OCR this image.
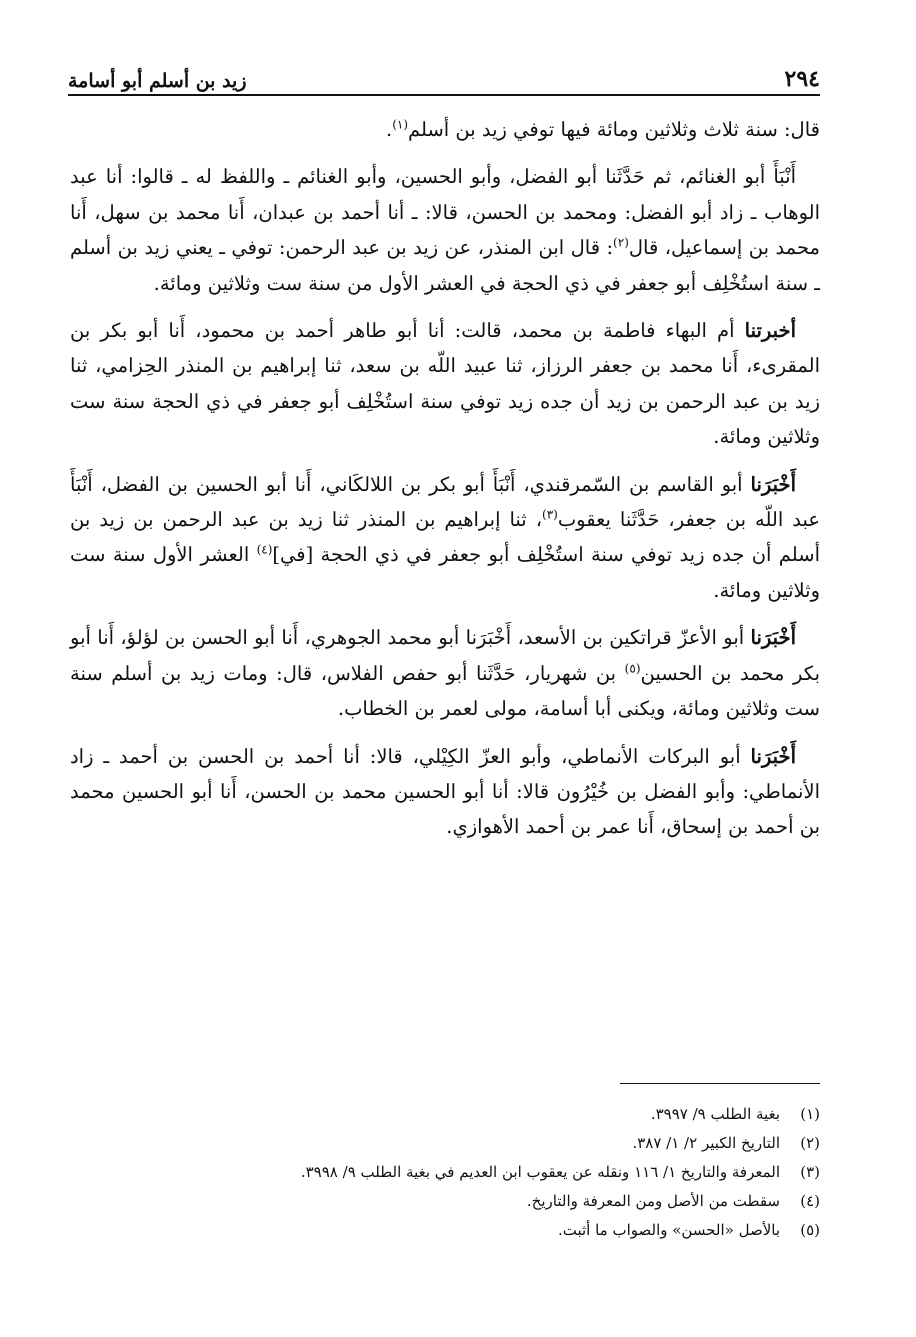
٢٩٤
زيد بن أسلم أبو أسامة

قال: سنة ثلاث وثلاثين ومائة فيها توفي زيد بن أسلم$^{(١)}$.

أَنْبَأَ أبو الغنائم، ثم حَدَّثَنا أبو الفضل، وأبو الحسين، وأبو الغنائم ـ واللفظ له ـ قالوا: أنا عبد الوهاب ـ زاد أبو الفضل: ومحمد بن الحسن، قالا: ـ أنا أحمد بن عبدان، أَنا محمد بن سهل، أَنا محمد بن إسماعيل، قال$^{(٢)}$: قال ابن المنذر، عن زيد بن عبد الرحمن: توفي ـ يعني زيد بن أسلم ـ سنة استُخْلِف أبو جعفر في ذي الحجة في العشر الأول من سنة ست وثلاثين ومائة.

أخبرتنا أم البهاء فاطمة بن محمد، قالت: أنا أبو طاهر أحمد بن محمود، أَنا أبو بكر بن المقرىء، أَنا محمد بن جعفر الرزاز، ثنا عبيد اللّه بن سعد، ثنا إبراهيم بن المنذر الحِزامي، ثنا زيد بن عبد الرحمن بن زيد أن جده زيد توفي سنة استُخْلِف أبو جعفر في ذي الحجة سنة ست وثلاثين ومائة.

أَخْبَرَنا أبو القاسم بن السّمرقندي، أَنْبَأَ أبو بكر بن اللالكَاني، أَنا أبو الحسين بن الفضل، أَنْبَأَ عبد اللّه بن جعفر، حَدَّثَنا يعقوب$^{(٣)}$، ثنا إبراهيم بن المنذر ثنا زيد بن عبد الرحمن بن زيد بن أسلم أن جده زيد توفي سنة استُخْلِف أبو جعفر في ذي الحجة [في]$^{(٤)}$ العشر الأول سنة ست وثلاثين ومائة.

أَخْبَرَنا أبو الأعزّ قراتكين بن الأسعد، أَخْبَرَنا أبو محمد الجوهري، أَنا أبو الحسن بن لؤلؤ، أَنا أبو بكر محمد بن الحسين$^{(٥)}$ بن شهريار، حَدَّثَنا أبو حفص الفلاس، قال: ومات زيد بن أسلم سنة ست وثلاثين ومائة، ويكنى أبا أسامة، مولى لعمر بن الخطاب.

أَخْبَرَنا أبو البركات الأنماطي، وأبو العزّ الكِيْلي، قالا: أنا أحمد بن الحسن بن أحمد ـ زاد الأنماطي: وأبو الفضل بن خُيْرُون قالا: أنا أبو الحسين محمد بن الحسن، أَنا أبو الحسين محمد بن أحمد بن إسحاق، أَنا عمر بن أحمد الأهوازي.

(١)
بغية الطلب ٩/ ٣٩٩٧.
(٢)
التاريخ الكبير ٢/ ١/ ٣٨٧.
(٣)
المعرفة والتاريخ ١/ ١١٦ ونقله عن يعقوب ابن العديم في بغية الطلب ٩/ ٣٩٩٨.
(٤)
سقطت من الأصل ومن المعرفة والتاريخ.
(٥)
بالأصل «الحسن» والصواب ما أثبت.
